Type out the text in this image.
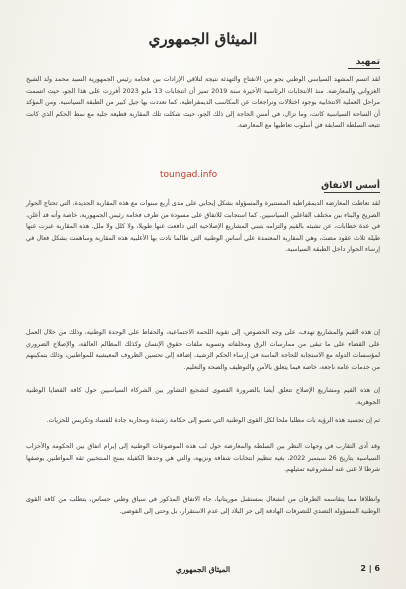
الميثاق الجمهوري
تمهيد
لقد اتسم المشهد السياسي الوطني بجو من الانفتاح والتهدئة نتيجة لتلاقي الإرادات بين فخامة رئيس الجمهورية السيد محمد ولد الشيخ الغزواني والمعارضة. منذ الانتخابات الرئاسية الأخيرة سنة 2019 تميز أن انتخابات 13 مايو 2023 أفرزت على هذا الجو، حيث اتسمت مراحل العملية الانتخابية بوجود اختلالات وتراجعات عن المكاسب الديمقراطية، كما تعددت بها جيل كبير من الطبقة السياسية. ومن المؤكد أن الساحة السياسية كانت، وما تزال، في أمس الحاجة إلى ذلك الجو، حيث شكلت تلك المقاربة قطيعة جلية مع نمط الحكم الذي كانت تتبعه السلطة السابقة في أسلوب تعاطيها مع المعارضة.
toungad.info
أسس الاتفاق
لقد تعاطت المعارضة الديمقراطية المستنيرة والمسؤولة بشكل إيجابي على مدى أربع سنوات مع هذه المقاربة الجديدة، التي تحتاج الحوار الصريح والبناء بين مختلف الفاعلين السياسيين. كما استجابت للاتفاق على مسودة من طرف فخامة رئيس الجمهورية، خاصة وأنه قد أعلن، في عدة خطابات، عن تشبثه بالقيم والتزامه بتبني المشاريع الإصلاحية التي دافعت عنها طويلا، ولا كلل ولا ملل. هذه المقاربة عبرت عنها طيلة ثلاث عقود مضت، وهي المقاربة المعتمدة على أساس الوطنية التي طالما نادت بها الأغلبية هذه المقاربة وساهمت بشكل فعال في إرساء الحوار داخل الطبقة السياسية.
إن هذه القيم والمشاريع تهدف، على وجه الخصوص، إلى تقوية اللحمة الاجتماعية، والحفاظ على الوحدة الوطنية، وذلك من خلال العمل على القضاء على ما تبقى من ممارسات الرق ومخلفاته وتسوية ملفات حقوق الإنسان وكذلك المظالم العالقة، والإصلاح الضروري لمؤسسات الدولة مع الاستجابة للحاجة الماسة في إرساء الحكم الرشيد، إضافة إلى تحسين الظروف المعيشية للمواطنين، وذلك بتمكينهم من خدمات عامة ناجعة، خاصة فيما يتعلق بالأمن والتوظيف والصحة والتعليم.
إن هذه القيم ومشاريع الإصلاح تتعلق أيضا بالضرورة القصوى لتشجيع التشاور بين الشركاء السياسيين حول كافة القضايا الوطنية الجوهرية.
ثم إن تجسيد هذه الرؤية بات مطلبا ملحا لكل القوى الوطنية التي تصبو إلى حكامة رشيدة ومحاربة جادة للفساد وتكريس للحريات.
وقد أدى التقارب في وجهات النظر بين السلطة والمعارضة حول لب هذه الموضوعات الوطنية إلى إبرام اتفاق بين الحكومة والأحزاب السياسية بتاريخ 26 سبتمبر 2022، بغية تنظيم انتخابات شفافة ونزيهة، والتي هي وحدها الكفيلة بمنح المنتخبين ثقة المواطنين بوصفها شرطا لا غنى عنه لمشروعية تمثيلهم.
وانطلاقا مما يتقاسمه الطرفان من انشغال بمستقبل موريتانيا، جاء الاتفاق المذكور في سياق وطني حساس، يتطلب من كافة القوى الوطنية المسؤولة التصدي للتصرفات الهادفة إلى جر البلاد إلى عدم الاستقرار، بل وحتى إلى الفوضى.
الميثاق الجمهوري	2 | 6
